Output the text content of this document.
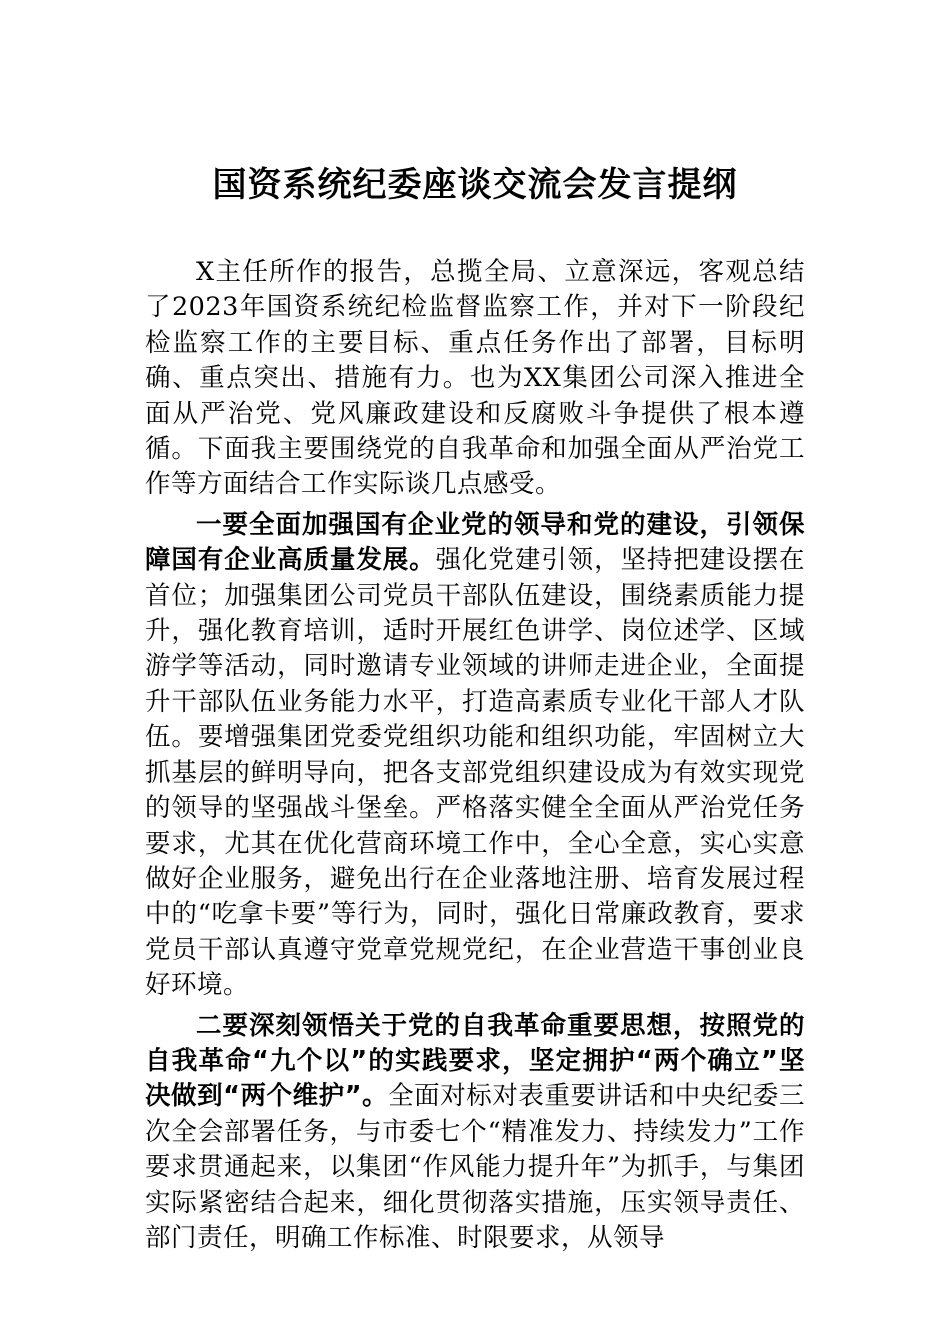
国资系统纪委座谈交流会发言提纲

X主任所作的报告，总揽全局、立意深远，客观总结了2023年国资系统纪检监督监察工作，并对下一阶段纪检监察工作的主要目标、重点任务作出了部署，目标明确、重点突出、措施有力。也为XX集团公司深入推进全面从严治党、党风廉政建设和反腐败斗争提供了根本遵循。下面我主要围绕党的自我革命和加强全面从严治党工作等方面结合工作实际谈几点感受。

一要全面加强国有企业党的领导和党的建设，引领保障国有企业高质量发展。强化党建引领，坚持把建设摆在首位；加强集团公司党员干部队伍建设，围绕素质能力提升，强化教育培训，适时开展红色讲学、岗位述学、区域游学等活动，同时邀请专业领域的讲师走进企业，全面提升干部队伍业务能力水平，打造高素质专业化干部人才队伍。要增强集团党委党组织功能和组织功能，牢固树立大抓基层的鲜明导向，把各支部党组织建设成为有效实现党的领导的坚强战斗堡垒。严格落实健全全面从严治党任务要求，尤其在优化营商环境工作中，全心全意，实心实意做好企业服务，避免出行在企业落地注册、培育发展过程中的“吃拿卡要”等行为，同时，强化日常廉政教育，要求党员干部认真遵守党章党规党纪，在企业营造干事创业良好环境。

二要深刻领悟关于党的自我革命重要思想，按照党的自我革命“九个以”的实践要求，坚定拥护“两个确立”坚决做到“两个维护”。全面对标对表重要讲话和中央纪委三次全会部署任务，与市委七个“精准发力、持续发力”工作要求贯通起来，以集团“作风能力提升年”为抓手，与集团实际紧密结合起来，细化贯彻落实措施，压实领导责任、部门责任，明确工作标准、时限要求，从领导
